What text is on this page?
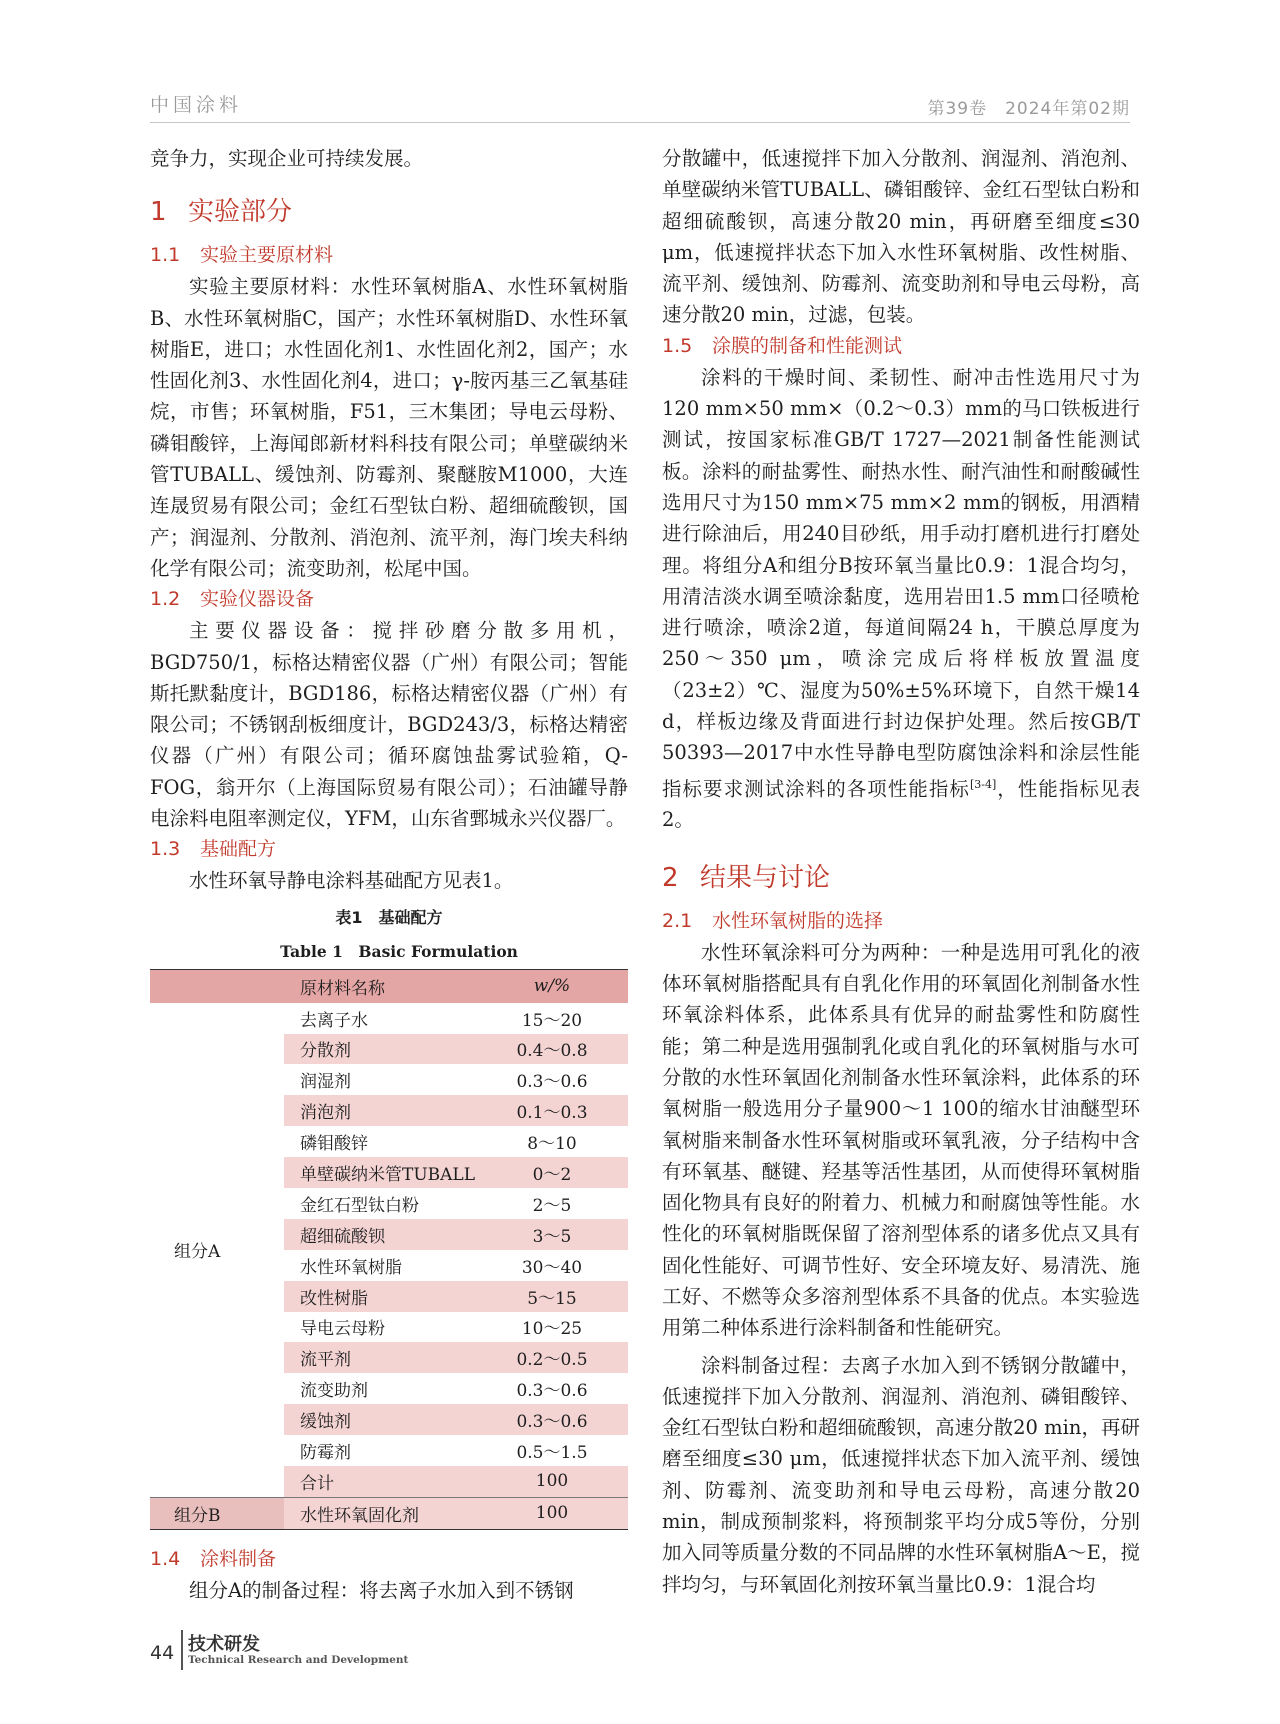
中国涂料	第39卷　2024年第02期

竞争力，实现企业可持续发展。

1 实验部分
1.1 实验主要原材料

实验主要原材料：水性环氧树脂A、水性环氧树脂B、水性环氧树脂C，国产；水性环氧树脂D、水性环氧树脂E，进口；水性固化剂1、水性固化剂2，国产；水性固化剂3、水性固化剂4，进口；γ-胺丙基三乙氧基硅烷，市售；环氧树脂，F51，三木集团；导电云母粉、磷钼酸锌，上海闻郎新材料科技有限公司；单壁碳纳米管TUBALL、缓蚀剂、防霉剂、聚醚胺M1000，大连连晟贸易有限公司；金红石型钛白粉、超细硫酸钡，国产；润湿剂、分散剂、消泡剂、流平剂，海门埃夫科纳化学有限公司；流变助剂，松尾中国。

1.2 实验仪器设备

主要仪器设备：搅拌砂磨分散多用机，BGD750/1，标格达精密仪器（广州）有限公司；智能斯托默黏度计，BGD186，标格达精密仪器（广州）有限公司；不锈钢刮板细度计，BGD243/3，标格达精密仪器（广州）有限公司；循环腐蚀盐雾试验箱，Q-FOG，翁开尔（上海国际贸易有限公司）；石油罐导静电涂料电阻率测定仪，YFM，山东省鄄城永兴仪器厂。

1.3 基础配方

水性环氧导静电涂料基础配方见表1。

表1　基础配方
Table 1　Basic Formulation
	原材料名称	w/%
组分A	去离子水	15～20
	分散剂	0.4～0.8
	润湿剂	0.3～0.6
	消泡剂	0.1～0.3
	磷钼酸锌	8～10
	单壁碳纳米管TUBALL	0～2
	金红石型钛白粉	2～5
	超细硫酸钡	3～5
	水性环氧树脂	30～40
	改性树脂	5～15
	导电云母粉	10～25
	流平剂	0.2～0.5
	流变助剂	0.3～0.6
	缓蚀剂	0.3～0.6
	防霉剂	0.5～1.5
	合计	100
组分B	水性环氧固化剂	100
1.4 涂料制备

组分A的制备过程：将去离子水加入到不锈钢

分散罐中，低速搅拌下加入分散剂、润湿剂、消泡剂、单壁碳纳米管TUBALL、磷钼酸锌、金红石型钛白粉和超细硫酸钡，高速分散20 min，再研磨至细度≤30 μm，低速搅拌状态下加入水性环氧树脂、改性树脂、流平剂、缓蚀剂、防霉剂、流变助剂和导电云母粉，高速分散20 min，过滤，包装。

1.5 涂膜的制备和性能测试

涂料的干燥时间、柔韧性、耐冲击性选用尺寸为120 mm×50 mm×（0.2～0.3）mm的马口铁板进行测试，按国家标准GB/T 1727—2021制备性能测试板。涂料的耐盐雾性、耐热水性、耐汽油性和耐酸碱性选用尺寸为150 mm×75 mm×2 mm的钢板，用酒精进行除油后，用240目砂纸，用手动打磨机进行打磨处理。将组分A和组分B按环氧当量比0.9：1混合均匀，用清洁淡水调至喷涂黏度，选用岩田1.5 mm口径喷枪进行喷涂，喷涂2道，每道间隔24 h，干膜总厚度为250～350 μm，喷涂完成后将样板放置温度（23±2）℃、湿度为50%±5%环境下，自然干燥14 d，样板边缘及背面进行封边保护处理。然后按GB/T 50393—2017中水性导静电型防腐蚀涂料和涂层性能指标要求测试涂料的各项性能指标[3-4]，性能指标见表2。

2 结果与讨论
2.1 水性环氧树脂的选择

水性环氧涂料可分为两种：一种是选用可乳化的液体环氧树脂搭配具有自乳化作用的环氧固化剂制备水性环氧涂料体系，此体系具有优异的耐盐雾性和防腐性能；第二种是选用强制乳化或自乳化的环氧树脂与水可分散的水性环氧固化剂制备水性环氧涂料，此体系的环氧树脂一般选用分子量900～1 100的缩水甘油醚型环氧树脂来制备水性环氧树脂或环氧乳液，分子结构中含有环氧基、醚键、羟基等活性基团，从而使得环氧树脂固化物具有良好的附着力、机械力和耐腐蚀等性能。水性化的环氧树脂既保留了溶剂型体系的诸多优点又具有固化性能好、可调节性好、安全环境友好、易清洗、施工好、不燃等众多溶剂型体系不具备的优点。本实验选用第二种体系进行涂料制备和性能研究。

涂料制备过程：去离子水加入到不锈钢分散罐中，低速搅拌下加入分散剂、润湿剂、消泡剂、磷钼酸锌、金红石型钛白粉和超细硫酸钡，高速分散20 min，再研磨至细度≤30 μm，低速搅拌状态下加入流平剂、缓蚀剂、防霉剂、流变助剂和导电云母粉，高速分散20 min，制成预制浆料，将预制浆平均分成5等份，分别加入同等质量分数的不同品牌的水性环氧树脂A～E，搅拌均匀，与环氧固化剂按环氧当量比0.9：1混合均

44 技术研发
Technical Research and Development
